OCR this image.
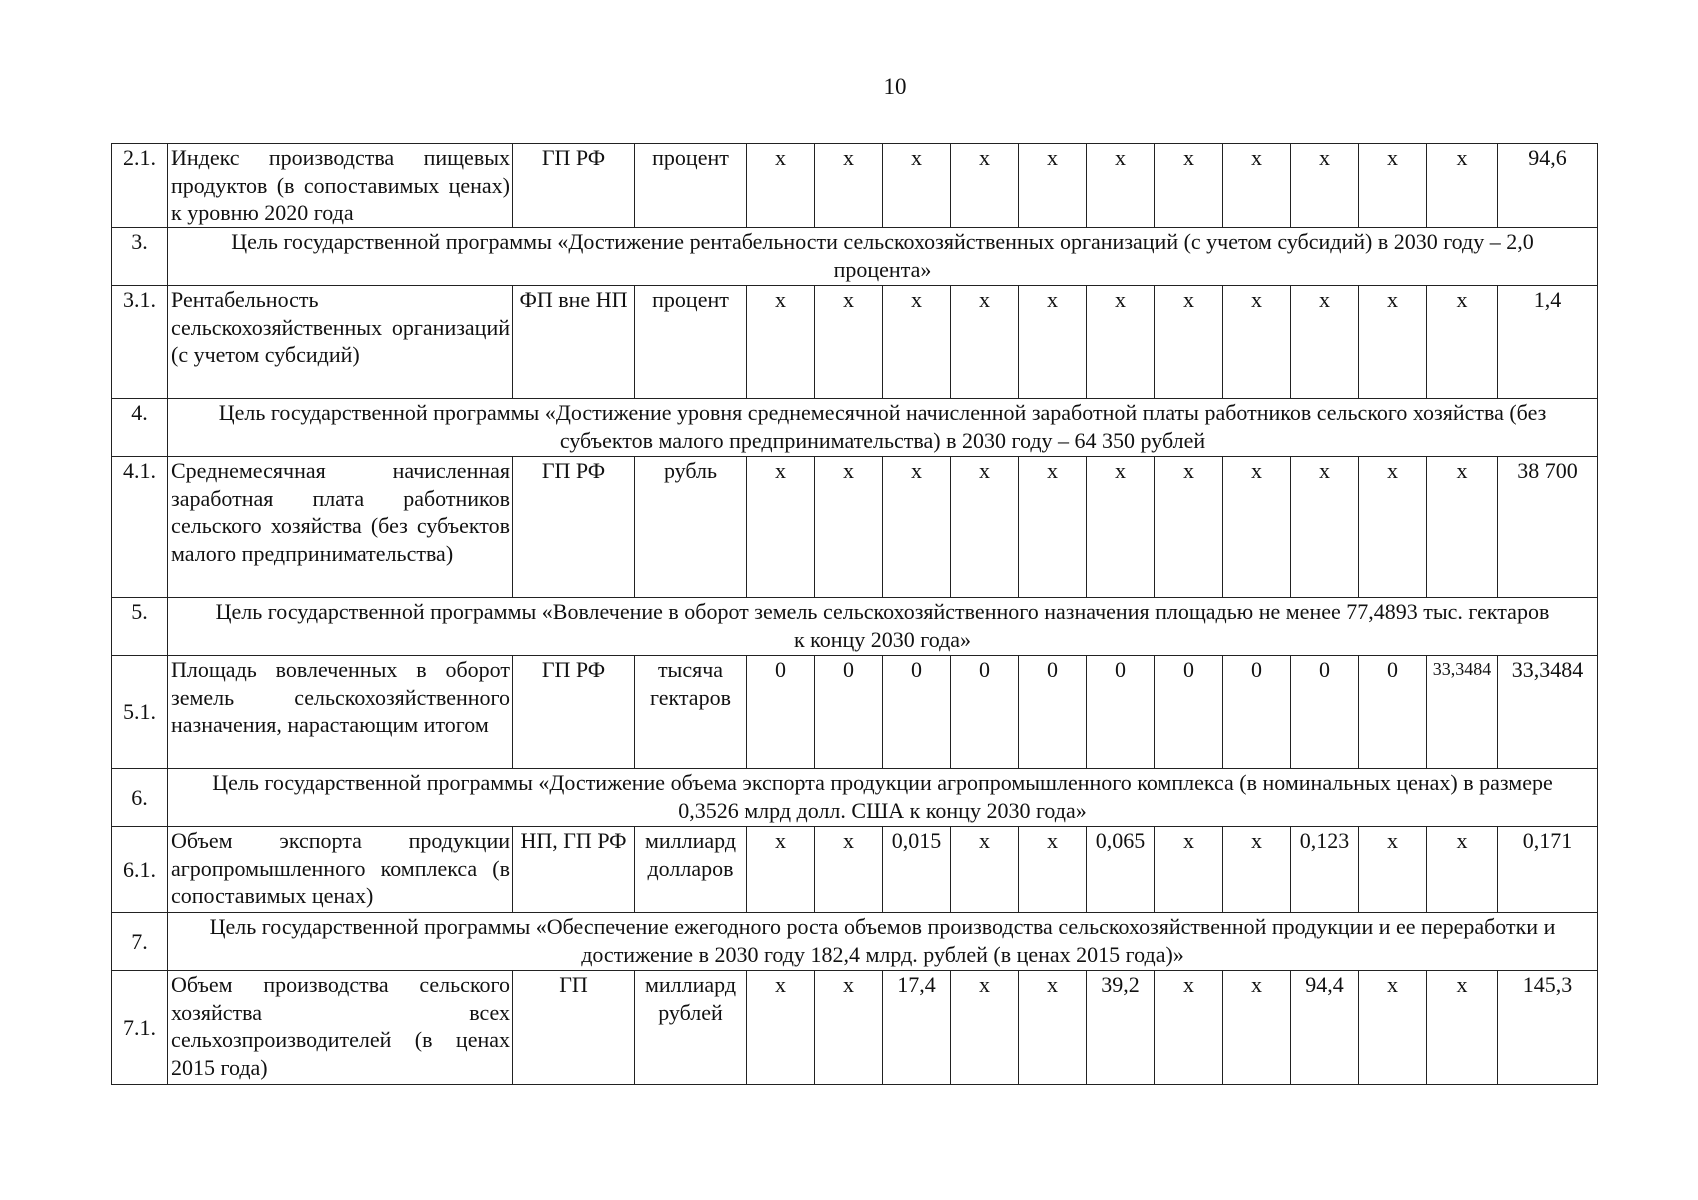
10
2.1.	Индекс производства пищевых продуктов (в сопоставимых ценах) к уровню 2020 года	ГП РФ	процент	x	x	x	x	x	x	x	x	x	x	x	94,6
3.	Цель государственной программы «Достижение рентабельности сельскохозяйственных организаций (с учетом субсидий) в 2030 году – 2,0 процента»														
3.1.	Рентабельность сельскохозяйственных организаций (с учетом субсидий)	ФП вне НП	процент	x	x	x	x	x	x	x	x	x	x	x	1,4
4.	Цель государственной программы «Достижение уровня среднемесячной начисленной заработной платы работников сельского хозяйства (без субъектов малого предпринимательства) в 2030 году – 64 350 рублей														
4.1.	Среднемесячная начисленная заработная плата работников сельского хозяйства (без субъектов малого предпринимательства)	ГП РФ	рубль	x	x	x	x	x	x	x	x	x	x	x	38 700
5.	Цель государственной программы «Вовлечение в оборот земель сельскохозяйственного назначения площадью не менее 77,4893 тыс. гектаров к концу 2030 года»														
5.1.	Площадь вовлеченных в оборот земель сельскохозяйственного назначения, нарастающим итогом	ГП РФ	тысяча гектаров	0	0	0	0	0	0	0	0	0	0	33,3484	33,3484
6.	Цель государственной программы «Достижение объема экспорта продукции агропромышленного комплекса (в номинальных ценах) в размере 0,3526 млрд долл. США к концу 2030 года»														
6.1.	Объем экспорта продукции агропромышленного комплекса (в сопоставимых ценах)	НП, ГП РФ	миллиард долларов	x	x	0,015	x	x	0,065	x	x	0,123	x	x	0,171
7.	Цель государственной программы «Обеспечение ежегодного роста объемов производства сельскохозяйственной продукции и ее переработки и достижение в 2030 году 182,4 млрд. рублей (в ценах 2015 года)»														
7.1.	Объем производства сельского хозяйства всех сельхозпроизводителей (в ценах 2015 года)	ГП	миллиард рублей	x	x	17,4	x	x	39,2	x	x	94,4	x	x	145,3
